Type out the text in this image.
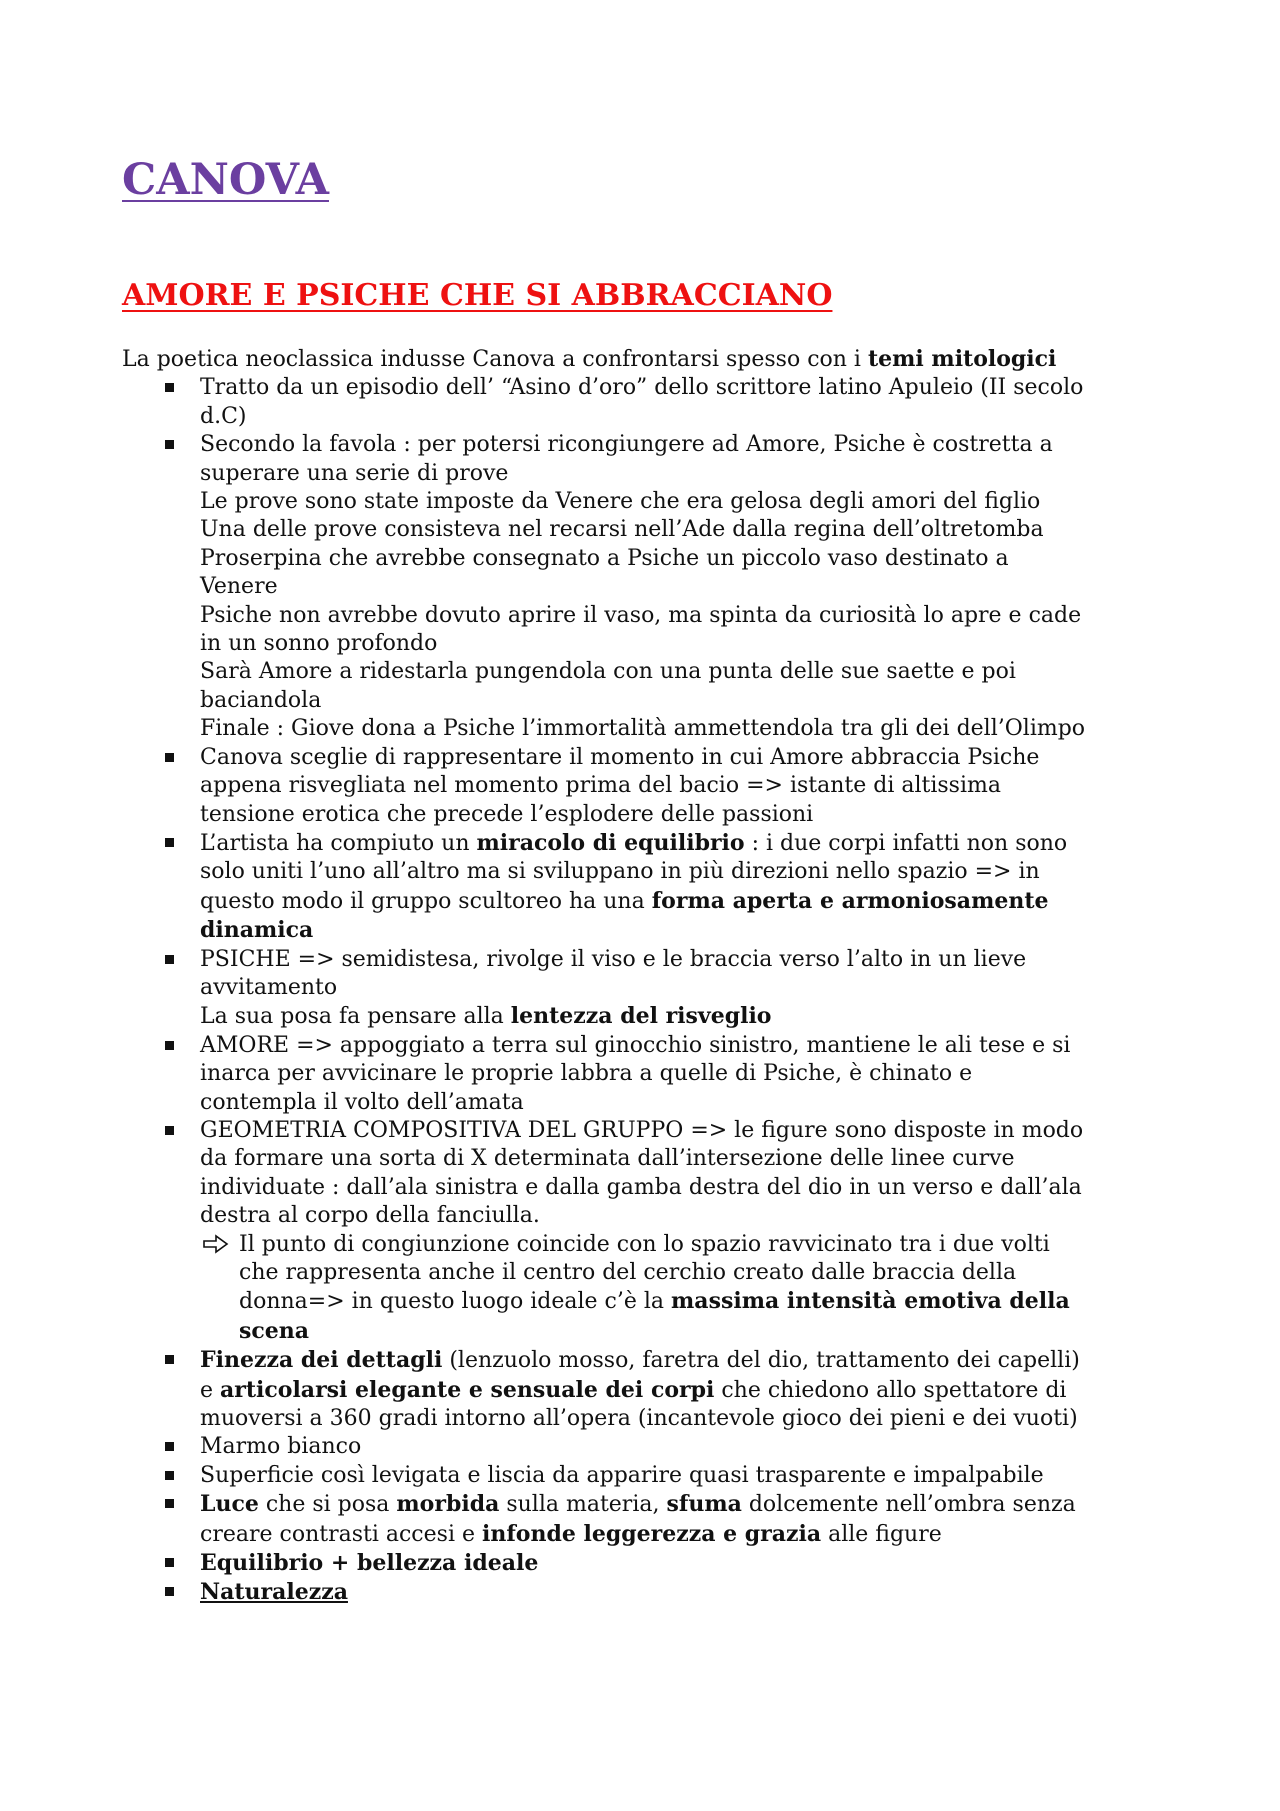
CANOVA
AMORE E PSICHE CHE SI ABBRACCIANO

La poetica neoclassica indusse Canova a confrontarsi spesso con i temi mitologici

Tratto da un episodio dell’ “Asino d’oro” dello scrittore latino Apuleio (II secolo
d.C)
Secondo la favola : per potersi ricongiungere ad Amore, Psiche è costretta a
superare una serie di prove
Le prove sono state imposte da Venere che era gelosa degli amori del figlio
Una delle prove consisteva nel recarsi nell’Ade dalla regina dell’oltretomba
Proserpina che avrebbe consegnato a Psiche un piccolo vaso destinato a
Venere
Psiche non avrebbe dovuto aprire il vaso, ma spinta da curiosità lo apre e cade
in un sonno profondo
Sarà Amore a ridestarla pungendola con una punta delle sue saette e poi
baciandola
Finale : Giove dona a Psiche l’immortalità ammettendola tra gli dei dell’Olimpo
Canova sceglie di rappresentare il momento in cui Amore abbraccia Psiche
appena risvegliata nel momento prima del bacio => istante di altissima
tensione erotica che precede l’esplodere delle passioni
L’artista ha compiuto un miracolo di equilibrio : i due corpi infatti non sono
solo uniti l’uno all’altro ma si sviluppano in più direzioni nello spazio => in
questo modo il gruppo scultoreo ha una forma aperta e armoniosamente
dinamica
PSICHE => semidistesa, rivolge il viso e le braccia verso l’alto in un lieve
avvitamento
La sua posa fa pensare alla lentezza del risveglio
AMORE => appoggiato a terra sul ginocchio sinistro, mantiene le ali tese e si
inarca per avvicinare le proprie labbra a quelle di Psiche, è chinato e
contempla il volto dell’amata
GEOMETRIA COMPOSITIVA DEL GRUPPO => le figure sono disposte in modo
da formare una sorta di X determinata dall’intersezione delle linee curve
individuate : dall’ala sinistra e dalla gamba destra del dio in un verso e dall’ala
destra al corpo della fanciulla.
Il punto di congiunzione coincide con lo spazio ravvicinato tra i due volti
che rappresenta anche il centro del cerchio creato dalle braccia della
donna=> in questo luogo ideale c’è la massima intensità emotiva della
scena
Finezza dei dettagli (lenzuolo mosso, faretra del dio, trattamento dei capelli)
e articolarsi elegante e sensuale dei corpi che chiedono allo spettatore di
muoversi a 360 gradi intorno all’opera (incantevole gioco dei pieni e dei vuoti)
Marmo bianco
Superficie così levigata e liscia da apparire quasi trasparente e impalpabile
Luce che si posa morbida sulla materia, sfuma dolcemente nell’ombra senza
creare contrasti accesi e infonde leggerezza e grazia alle figure
Equilibrio + bellezza ideale
Naturalezza
